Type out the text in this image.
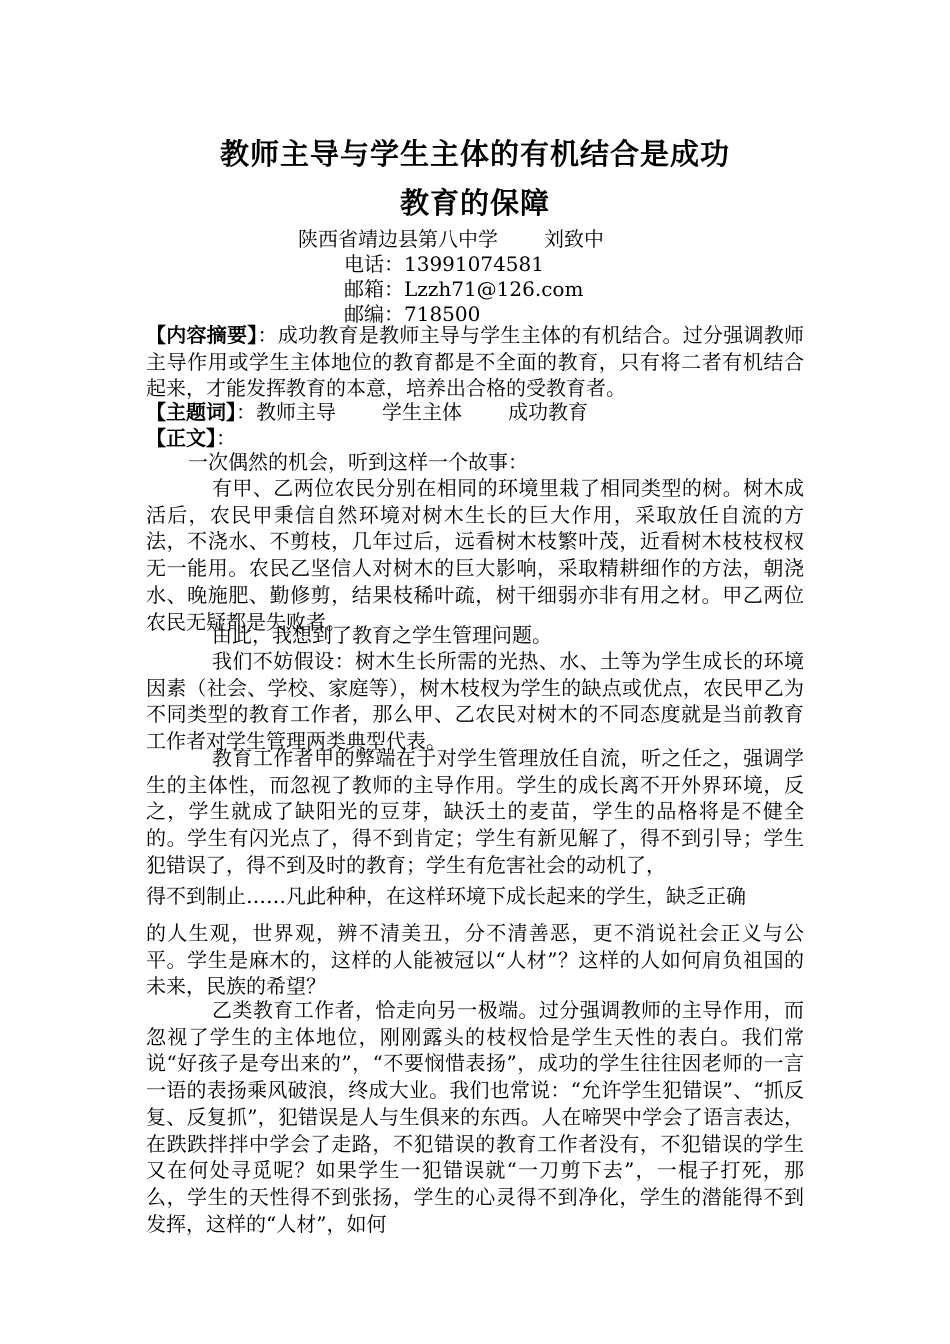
教师主导与学生主体的有机结合是成功
教育的保障
陕西省靖边县第八中学 刘致中
电话：13991074581
邮箱：Lzzh71@126.com
邮编：718500
【内容摘要】：成功教育是教师主导与学生主体的有机结合。过分强调教师主导作用或学生主体地位的教育都是不全面的教育，只有将二者有机结合起来，才能发挥教育的本意，培养出合格的受教育者。
【主题词】：教师主导 学生主体 成功教育
【正文】：
一次偶然的机会，听到这样一个故事：
有甲、乙两位农民分别在相同的环境里栽了相同类型的树。树木成活后，农民甲秉信自然环境对树木生长的巨大作用，采取放任自流的方法，不浇水、不剪枝，几年过后，远看树木枝繁叶茂，近看树木枝枝杈杈无一能用。农民乙坚信人对树木的巨大影响，采取精耕细作的方法，朝浇水、晚施肥、勤修剪，结果枝稀叶疏，树干细弱亦非有用之材。甲乙两位农民无疑都是失败者。
由此，我想到了教育之学生管理问题。
我们不妨假设：树木生长所需的光热、水、土等为学生成长的环境因素（社会、学校、家庭等），树木枝杈为学生的缺点或优点，农民甲乙为不同类型的教育工作者，那么甲、乙农民对树木的不同态度就是当前教育工作者对学生管理两类典型代表。
教育工作者甲的弊端在于对学生管理放任自流，听之任之，强调学生的主体性，而忽视了教师的主导作用。学生的成长离不开外界环境，反之，学生就成了缺阳光的豆芽，缺沃土的麦苗，学生的品格将是不健全的。学生有闪光点了，得不到肯定；学生有新见解了，得不到引导；学生犯错误了，得不到及时的教育；学生有危害社会的动机了，
得不到制止……凡此种种，在这样环境下成长起来的学生，缺乏正确
的人生观，世界观，辨不清美丑，分不清善恶，更不消说社会正义与公平。学生是麻木的，这样的人能被冠以“人材”？这样的人如何肩负祖国的未来，民族的希望？
乙类教育工作者，恰走向另一极端。过分强调教师的主导作用，而忽视了学生的主体地位，刚刚露头的枝杈恰是学生天性的表白。我们常说“好孩子是夸出来的”，“不要悯惜表扬”，成功的学生往往因老师的一言一语的表扬乘风破浪，终成大业。我们也常说：“允许学生犯错误”、“抓反复、反复抓”，犯错误是人与生俱来的东西。人在啼哭中学会了语言表达，在跌跌拌拌中学会了走路，不犯错误的教育工作者没有，不犯错误的学生又在何处寻觅呢？如果学生一犯错误就“一刀剪下去”，一棍子打死，那么，学生的天性得不到张扬，学生的心灵得不到净化，学生的潜能得不到发挥，这样的“人材”，如何
